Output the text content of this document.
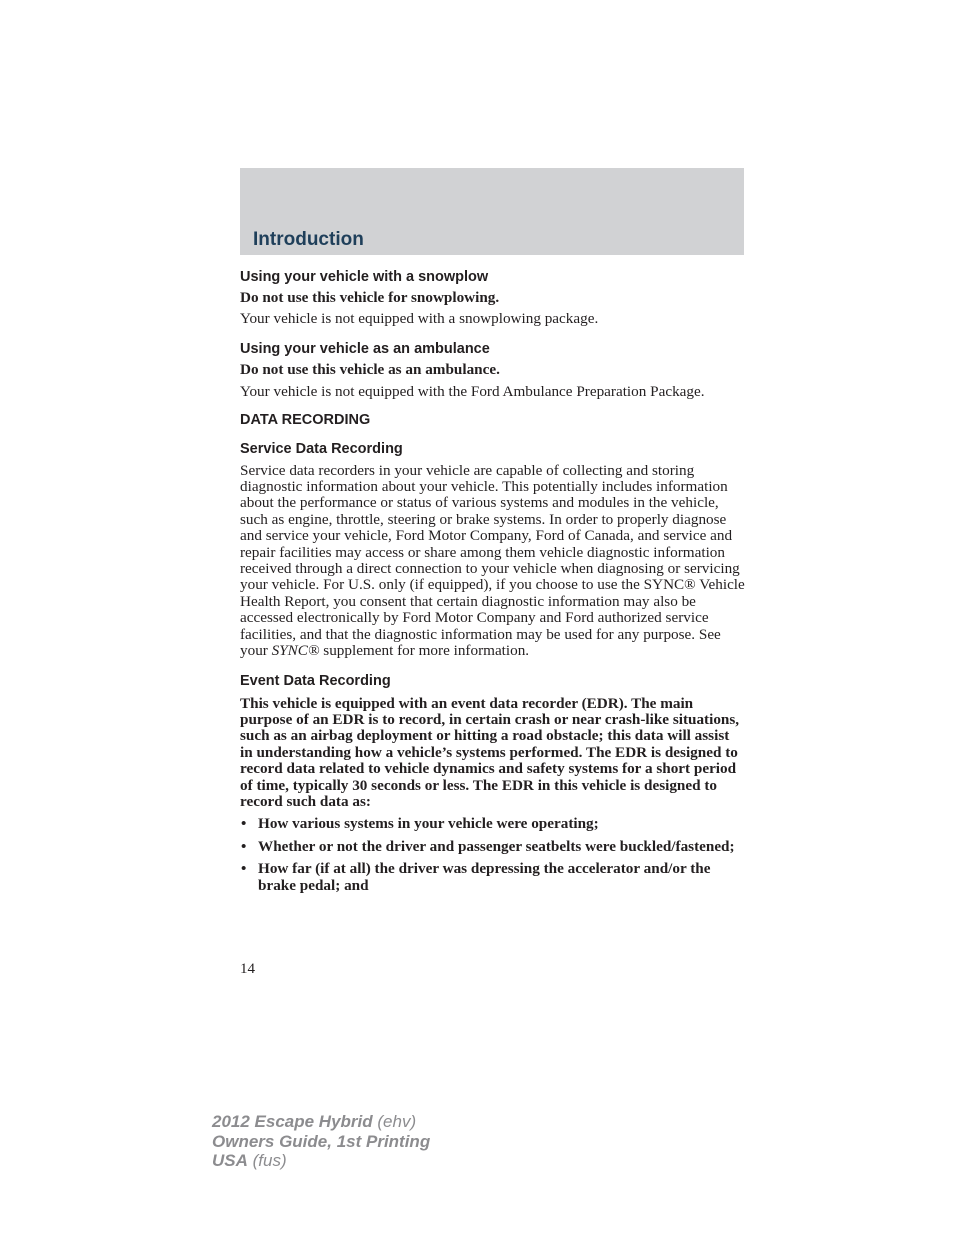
Introduction
Using your vehicle with a snowplow

Do not use this vehicle for snowplowing.

Your vehicle is not equipped with a snowplowing package.

Using your vehicle as an ambulance

Do not use this vehicle as an ambulance.

Your vehicle is not equipped with the Ford Ambulance Preparation Package.

DATA RECORDING
Service Data Recording

Service data recorders in your vehicle are capable of collecting and storing diagnostic information about your vehicle. This potentially includes information about the performance or status of various systems and modules in the vehicle, such as engine, throttle, steering or brake systems. In order to properly diagnose and service your vehicle, Ford Motor Company, Ford of Canada, and service and repair facilities may access or share among them vehicle diagnostic information received through a direct connection to your vehicle when diagnosing or servicing your vehicle. For U.S. only (if equipped), if you choose to use the SYNC® Vehicle Health Report, you consent that certain diagnostic information may also be accessed electronically by Ford Motor Company and Ford authorized service facilities, and that the diagnostic information may be used for any purpose. See your SYNC® supplement for more information.

Event Data Recording

This vehicle is equipped with an event data recorder (EDR). The main purpose of an EDR is to record, in certain crash or near crash-like situations, such as an airbag deployment or hitting a road obstacle; this data will assist in understanding how a vehicle’s systems performed. The EDR is designed to record data related to vehicle dynamics and safety systems for a short period of time, typically 30 seconds or less. The EDR in this vehicle is designed to record such data as:

• How various systems in your vehicle were operating;
• Whether or not the driver and passenger seatbelts were buckled/fastened;
• How far (if at all) the driver was depressing the accelerator and/or the brake pedal; and
14
2012 Escape Hybrid (ehv)
Owners Guide, 1st Printing
USA (fus)
